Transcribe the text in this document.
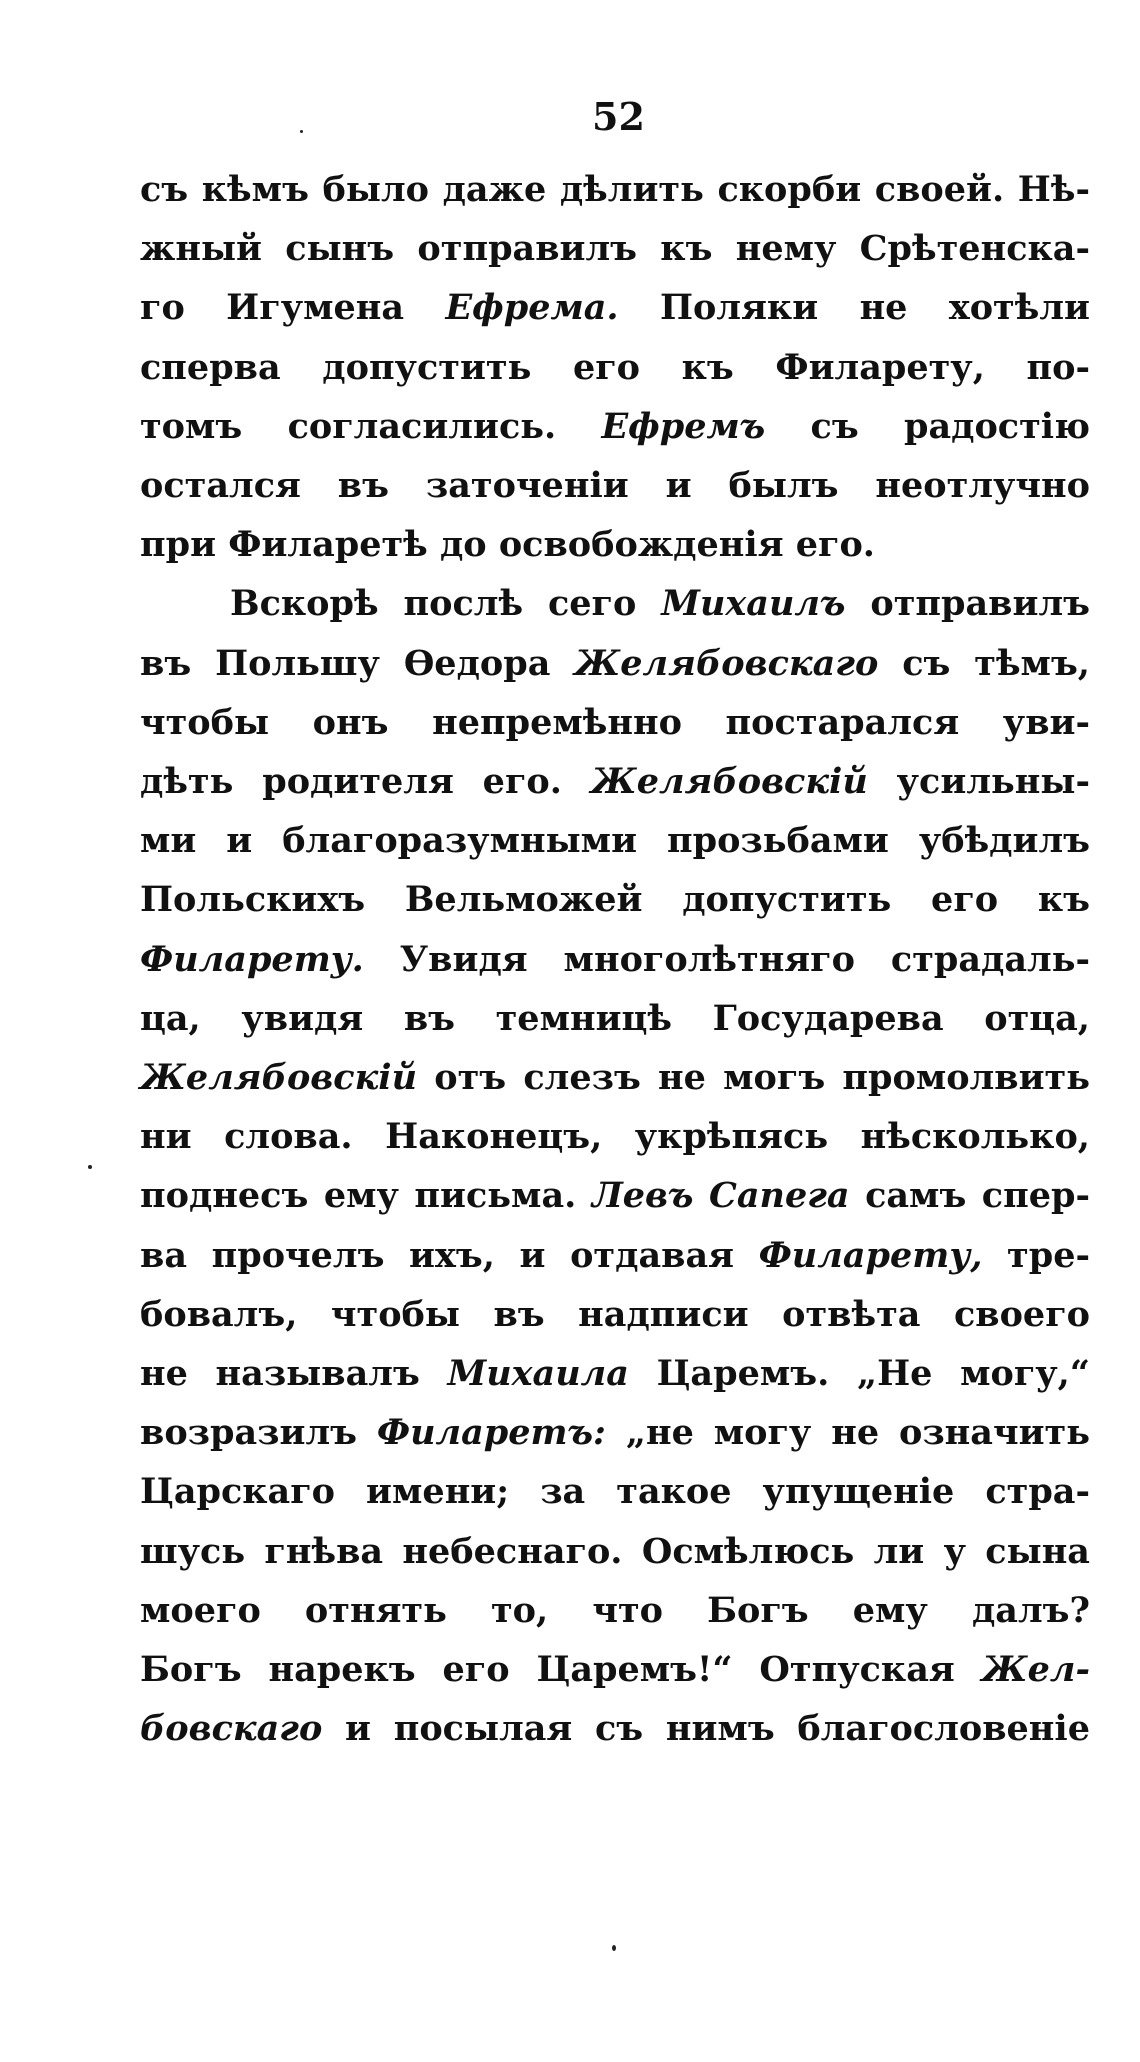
52
съ кѣмъ было даже дѣлить скорби своей. Нѣ-
жный сынъ отправилъ къ нему Срѣтенска-
го Игумена Ефрема. Поляки не хотѣли
сперва допустить его къ Филарету, по-
томъ согласились. Ефремъ съ радостію
остался въ заточеніи и былъ неотлучно
при Филаретѣ до освобожденія его.
Вскорѣ послѣ сего Михаилъ отправилъ
въ Польшу Ѳедора Желябовскаго съ тѣмъ,
чтобы онъ непремѣнно постарался уви-
дѣть родителя его. Желябовскій усильны-
ми и благоразумными прозьбами убѣдилъ
Польскихъ Вельможей допустить его къ
Филарету. Увидя многолѣтняго страдаль-
ца, увидя въ темницѣ Государева отца,
Желябовскій отъ слезъ не могъ промолвить
ни слова. Наконецъ, укрѣпясь нѣсколько,
поднесъ ему письма. Левъ Сапега самъ спер-
ва прочелъ ихъ, и отдавая Филарету, тре-
бовалъ, чтобы въ надписи отвѣта своего
не называлъ Михаила Царемъ. „Не могу,“
возразилъ Филаретъ: „не могу не означить
Царскаго имени; за такое упущеніе стра-
шусь гнѣва небеснаго. Осмѣлюсь ли у сына
моего отнять то, что Богъ ему далъ?
Богъ нарекъ его Царемъ!“ Отпуская Жел-
бовскаго и посылая съ нимъ благословеніе
